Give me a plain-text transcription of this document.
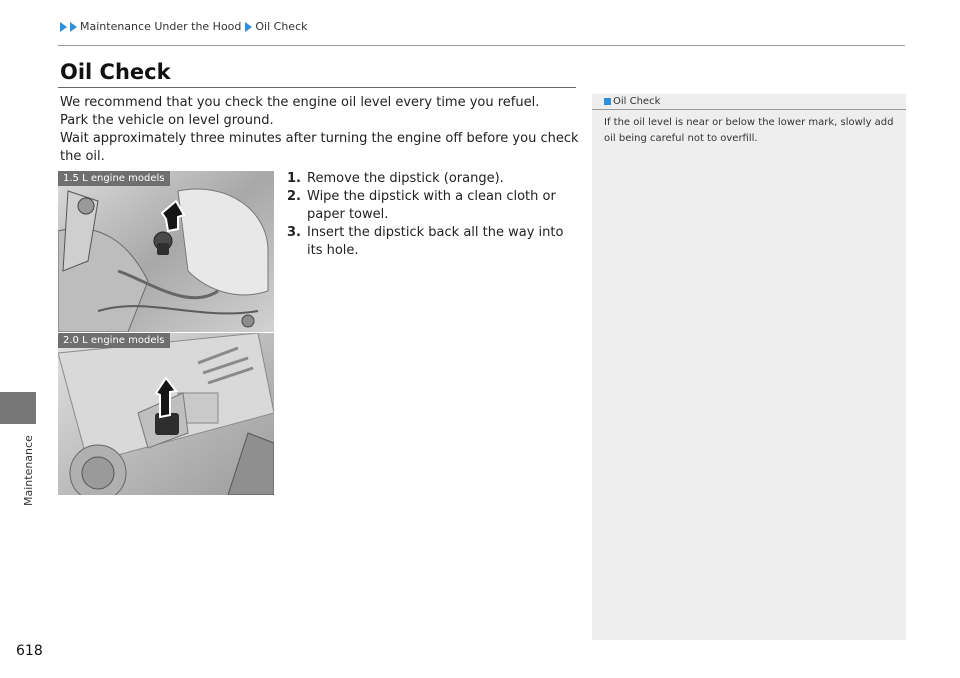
Maintenance Under the Hood Oil Check
Maintenance
618
Oil Check

We recommend that you check the engine oil level every time you refuel.

Park the vehicle on level ground.

Wait approximately three minutes after turning the engine off before you check the oil.

1.5 L engine models
2.0 L engine models
1. Remove the dipstick (orange).
2. Wipe the dipstick with a clean cloth or paper towel.
3. Insert the dipstick back all the way into its hole.
Oil Check
If the oil level is near or below the lower mark, slowly add oil being careful not to overfill.
